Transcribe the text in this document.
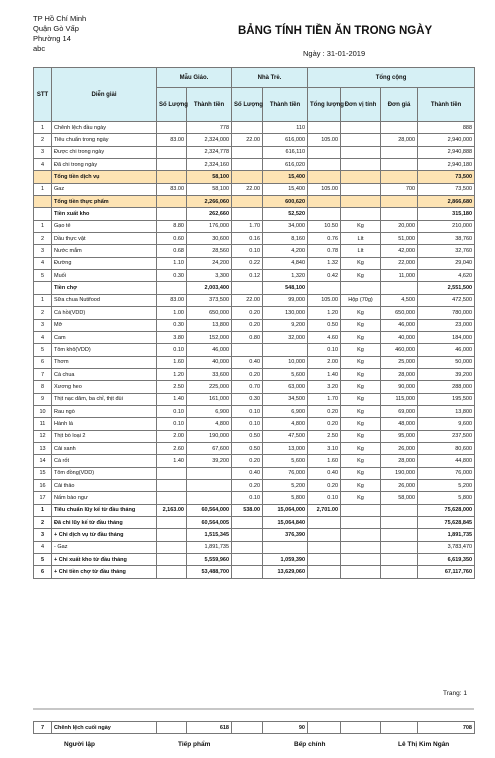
TP Hồ Chí Minh
Quận Gò Vấp
Phường 14
abc
BẢNG TÍNH TIỀN ĂN TRONG NGÀY
Ngày : 31-01-2019
STT	Diễn giải	Mẫu Giáo.		Nhà Trẻ.		Tổng cộng			
		Số Lượng	Thành tiền	Số Lượng	Thành tiền	Tổng lượng	Đơn vị tính	Đơn giá	Thành tiền
1	Chênh lệch đầu ngày		778		110				888
2	Tiêu chuẩn trong ngày	83.00	2,324,000	22.00	616,000	105.00		28,000	2,940,000
3	Được chi trong ngày		2,324,778		616,110				2,940,888
4	Đã chi trong ngày		2,324,160		616,020				2,940,180
	Tổng tiền dịch vụ		58,100		15,400				73,500
1	Gaz	83.00	58,100	22.00	15,400	105.00		700	73,500
	Tổng tiền thực phẩm		2,266,060		600,620				2,866,680
	Tiền xuất kho		262,660		52,520				315,180
1	Gạo tẻ	8.80	176,000	1.70	34,000	10.50	Kg	20,000	210,000
2	Dầu thực vật	0.60	30,600	0.16	8,160	0.76	Lít	51,000	38,760
3	Nước mắm	0.68	28,560	0.10	4,200	0.78	Lít	42,000	32,760
4	Đường	1.10	24,200	0.22	4,840	1.32	Kg	22,000	29,040
5	Muối	0.30	3,300	0.12	1,320	0.42	Kg	11,000	4,620
	Tiền chợ		2,003,400		548,100				2,551,500
1	Sữa chua Nutifood	83.00	373,500	22.00	99,000	105.00	Hộp (70g)	4,500	472,500
2	Cá hồi(VDD)	1.00	650,000	0.20	130,000	1.20	Kg	650,000	780,000
3	Mỡ	0.30	13,800	0.20	9,200	0.50	Kg	46,000	23,000
4	Cam	3.80	152,000	0.80	32,000	4.60	Kg	40,000	184,000
5	Tôm khô(VDD)	0.10	46,000			0.10	Kg	460,000	46,000
6	Thơm	1.60	40,000	0.40	10,000	2.00	Kg	25,000	50,000
7	Cà chua	1.20	33,600	0.20	5,600	1.40	Kg	28,000	39,200
8	Xương heo	2.50	225,000	0.70	63,000	3.20	Kg	90,000	288,000
9	Thịt nạc dăm, ba chỉ, thịt đùi	1.40	161,000	0.30	34,500	1.70	Kg	115,000	195,500
10	Rau ngò	0.10	6,900	0.10	6,900	0.20	Kg	69,000	13,800
11	Hành lá	0.10	4,800	0.10	4,800	0.20	Kg	48,000	9,600
12	Thịt bò loại 2	2.00	190,000	0.50	47,500	2.50	Kg	95,000	237,500
13	Cải xanh	2.60	67,600	0.50	13,000	3.10	Kg	26,000	80,600
14	Cà rốt	1.40	39,200	0.20	5,600	1.60	Kg	28,000	44,800
15	Tôm đồng(VDD)			0.40	76,000	0.40	Kg	190,000	76,000
16	Cải thảo			0.20	5,200	0.20	Kg	26,000	5,200
17	Nấm bào ngư			0.10	5,800	0.10	Kg	58,000	5,800
1	Tiêu chuẩn lũy kế từ đầu tháng	2,163.00	60,564,000	538.00	15,064,000	2,701.00			75,628,000
2	Đã chi lũy kế từ đầu tháng		60,564,005		15,064,840				75,628,845
3	+ Chi dịch vụ từ đầu tháng		1,515,345		376,390				1,891,735
4	- Gaz		1,891,735						3,783,470
5	+ Chi xuất kho từ đầu tháng		5,559,960		1,059,390				6,619,350
6	+ Chi tiền chợ từ đầu tháng		53,488,700		13,629,060				67,117,760
Trang: 1
7	Chênh lệch cuối ngày		618		90				708
Người lập	Tiếp phẩm	Bếp chính	Lê Thị Kim Ngân
